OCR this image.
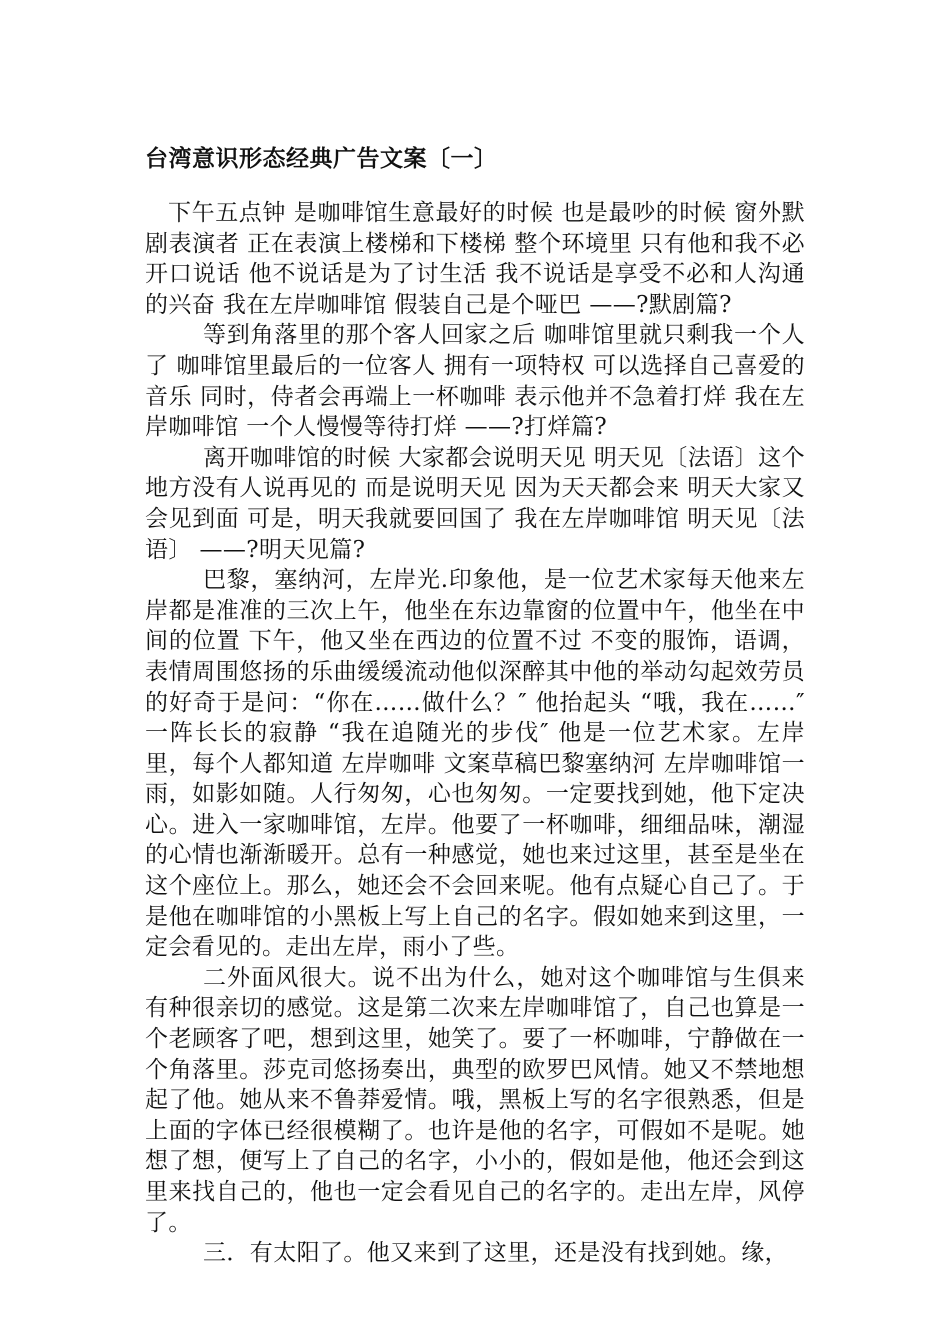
台湾意识形态经典广告文案〔一〕

下午五点钟 是咖啡馆生意最好的时候 也是最吵的时候 窗外默剧表演者 正在表演上楼梯和下楼梯 整个环境里 只有他和我不必开口说话 他不说话是为了讨生活 我不说话是享受不必和人沟通的兴奋 我在左岸咖啡馆 假装自己是个哑巴 ——?默剧篇?

等到角落里的那个客人回家之后 咖啡馆里就只剩我一个人了 咖啡馆里最后的一位客人 拥有一项特权 可以选择自己喜爱的音乐 同时，侍者会再端上一杯咖啡 表示他并不急着打烊 我在左岸咖啡馆 一个人慢慢等待打烊 ——?打烊篇?

离开咖啡馆的时候 大家都会说明天见 明天见〔法语〕这个地方没有人说再见的 而是说明天见 因为天天都会来 明天大家又会见到面 可是，明天我就要回国了 我在左岸咖啡馆 明天见〔法语〕 ——?明天见篇?

巴黎，塞纳河，左岸光.印象他，是一位艺术家每天他来左岸都是准准的三次上午，他坐在东边靠窗的位置中午，他坐在中间的位置 下午，他又坐在西边的位置不过 不变的服饰，语调，表情周围悠扬的乐曲缓缓流动他似深醉其中他的举动勾起效劳员的好奇于是问：“你在……做什么？″ 他抬起头 “哦，我在……″ 一阵长长的寂静 “我在追随光的步伐″ 他是一位艺术家。左岸里，每个人都知道 左岸咖啡 文案草稿巴黎塞纳河 左岸咖啡馆一雨，如影如随。人行匆匆，心也匆匆。一定要找到她，他下定决心。进入一家咖啡馆，左岸。他要了一杯咖啡，细细品味，潮湿的心情也渐渐暖开。总有一种感觉，她也来过这里，甚至是坐在这个座位上。那么，她还会不会回来呢。他有点疑心自己了。于是他在咖啡馆的小黑板上写上自己的名字。假如她来到这里，一定会看见的。走出左岸，雨小了些。

二外面风很大。说不出为什么，她对这个咖啡馆与生俱来有种很亲切的感觉。这是第二次来左岸咖啡馆了，自己也算是一个老顾客了吧，想到这里，她笑了。要了一杯咖啡，宁静做在一个角落里。莎克司悠扬奏出，典型的欧罗巴风情。她又不禁地想起了他。她从来不鲁莽爱情。哦，黑板上写的名字很熟悉，但是上面的字体已经很模糊了。也许是他的名字，可假如不是呢。她想了想，便写上了自己的名字，小小的，假如是他，他还会到这里来找自己的，他也一定会看见自己的名字的。走出左岸，风停了。

三．有太阳了。他又来到了这里，还是没有找到她。缘，
